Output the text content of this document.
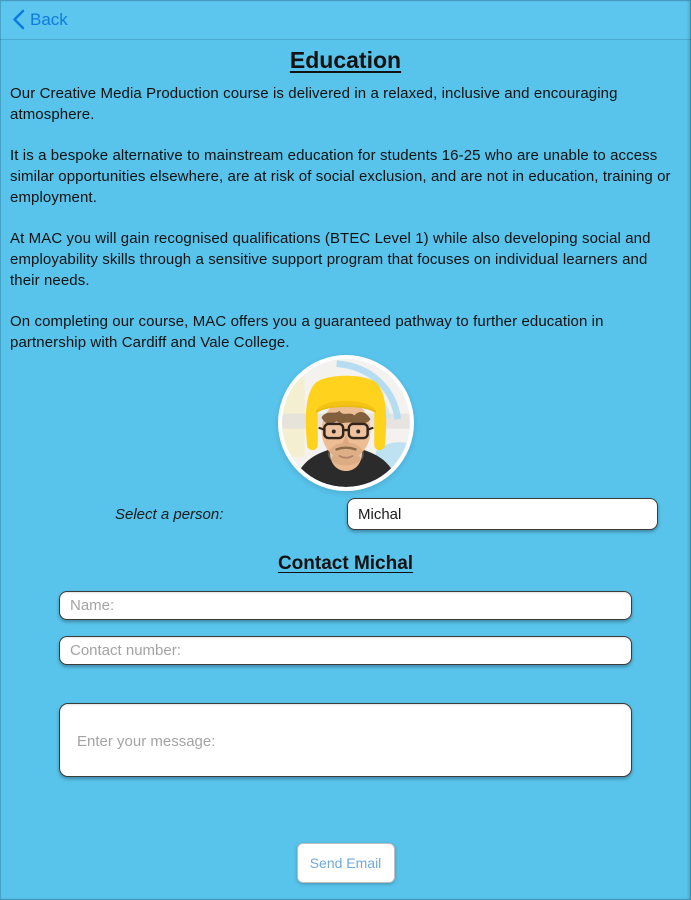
Back
Education

Our Creative Media Production course is delivered in a relaxed, inclusive and encouraging atmosphere.

It is a bespoke alternative to mainstream education for students 16-25 who are unable to access similar opportunities elsewhere, are at risk of social exclusion, and are not in education, training or employment.

At MAC you will gain recognised qualifications (BTEC Level 1) while also developing social and employability skills through a sensitive support program that focuses on individual learners and their needs.

On completing our course, MAC offers you a guaranteed pathway to further education in partnership with Cardiff and Vale College.

Select a person:
Michal
Contact Michal
Name:
Contact number:
Enter your message:
Send Email
